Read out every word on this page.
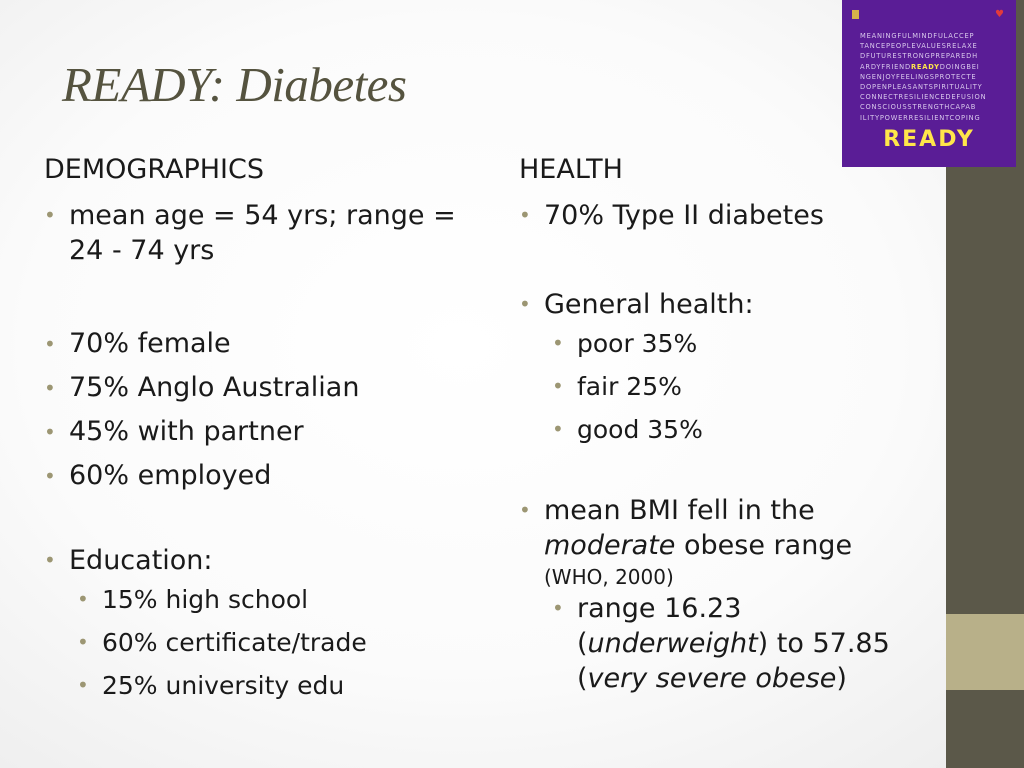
♥
MEANINGFULMINDFULACCEP
TANCEPEOPLEVALUESRELAXE
DFUTURESTRONGPREPAREDH
ARDYFRIENDREADYDOINGBEI
NGENJOYFEELINGSPROTECTE
DOPENPLEASANTSPIRITUALITY
CONNECTRESILIENCEDEFUSION
CONSCIOUSSTRENGTHCAPAB
ILITYPOWERRESILIENTCOPING
READY
READY: Diabetes
DEMOGRAPHICS
• mean age = 54 yrs; range = 24 - 74 yrs
• 70% female
• 75% Anglo Australian
• 45% with partner
• 60% employed
• Education:
• 15% high school
• 60% certificate/trade
• 25% university edu
HEALTH
• 70% Type II diabetes
• General health:
• poor 35%
• fair 25%
• good 35%
• mean BMI fell in the
moderate obese range
(WHO, 2000)
• range 16.23
(underweight) to 57.85
(very severe obese)
